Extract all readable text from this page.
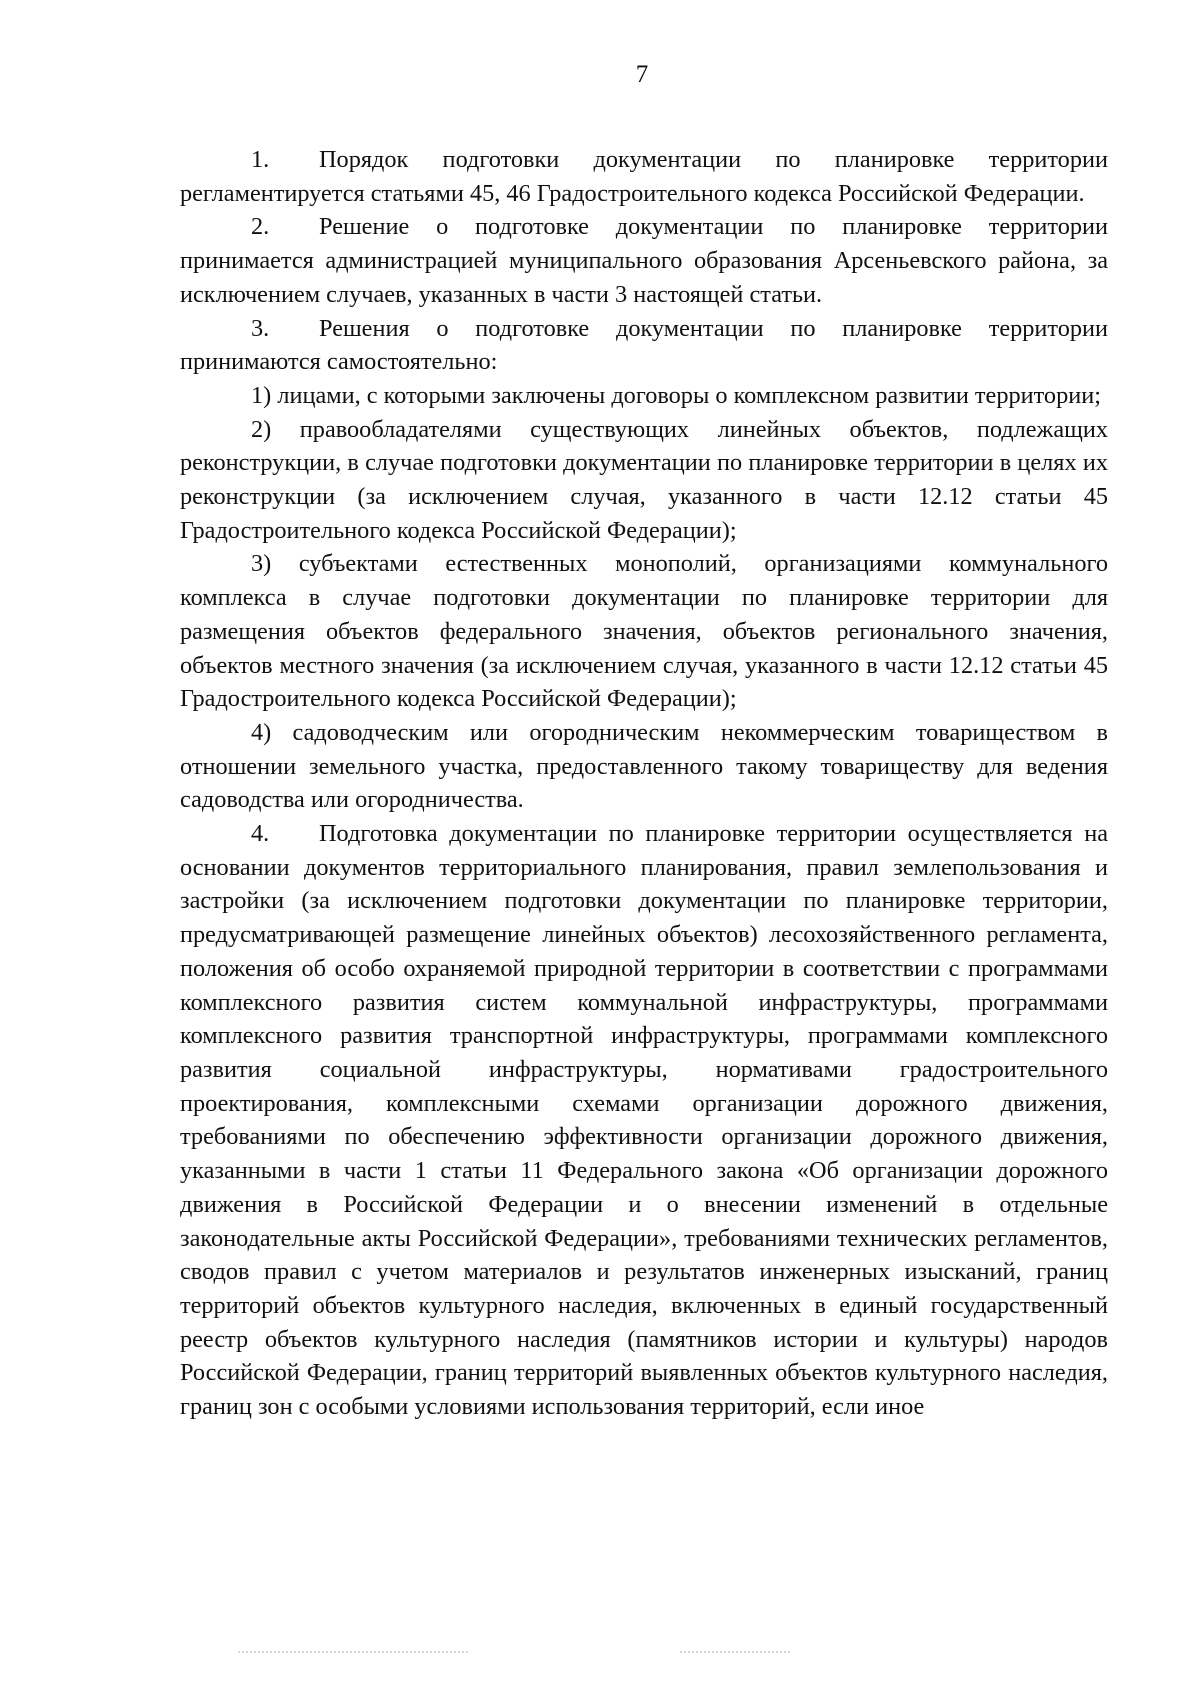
7

1. Порядок подготовки документации по планировке территории регламентируется статьями 45, 46 Градостроительного кодекса Российской Федерации.

2. Решение о подготовке документации по планировке территории принимается администрацией муниципального образования Арсеньевского района, за исключением случаев, указанных в части 3 настоящей статьи.

3. Решения о подготовке документации по планировке территории принимаются самостоятельно:

1) лицами, с которыми заключены договоры о комплексном развитии территории;

2) правообладателями существующих линейных объектов, подлежащих реконструкции, в случае подготовки документации по планировке территории в целях их реконструкции (за исключением случая, указанного в части 12.12 статьи 45 Градостроительного кодекса Российской Федерации);

3) субъектами естественных монополий, организациями коммунального комплекса в случае подготовки документации по планировке территории для размещения объектов федерального значения, объектов регионального значения, объектов местного значения (за исключением случая, указанного в части 12.12 статьи 45 Градостроительного кодекса Российской Федерации);

4) садоводческим или огородническим некоммерческим товариществом в отношении земельного участка, предоставленного такому товариществу для ведения садоводства или огородничества.

4. Подготовка документации по планировке территории осуществляется на основании документов территориального планирования, правил землепользования и застройки (за исключением подготовки документации по планировке территории, предусматривающей размещение линейных объектов) лесохозяйственного регламента, положения об особо охраняемой природной территории в соответствии с программами комплексного развития систем коммунальной инфраструктуры, программами комплексного развития транспортной инфраструктуры, программами комплексного развития социальной инфраструктуры, нормативами градостроительного проектирования, комплексными схемами организации дорожного движения, требованиями по обеспечению эффективности организации дорожного движения, указанными в части 1 статьи 11 Федерального закона «Об организации дорожного движения в Российской Федерации и о внесении изменений в отдельные законодательные акты Российской Федерации», требованиями технических регламентов, сводов правил с учетом материалов и результатов инженерных изысканий, границ территорий объектов культурного наследия, включенных в единый государственный реестр объектов культурного наследия (памятников истории и культуры) народов Российской Федерации, границ территорий выявленных объектов культурного наследия, границ зон с особыми условиями использования территорий, если иное
